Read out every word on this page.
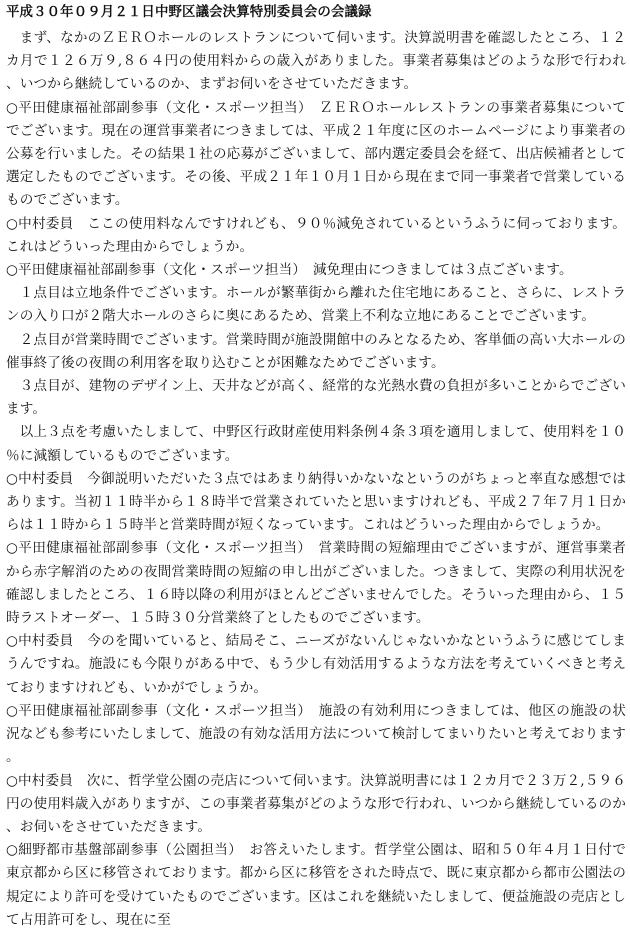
平成３０年０９月２１日中野区議会決算特別委員会の会議録

まず、なかのＺＥＲＯホールのレストランについて伺います。決算説明書を確認したところ、１２カ月で１２６万９,８６４円の使用料からの歳入がありました。事業者募集はどのような形で行われ、いつから継続しているのか、まずお伺いをさせていただきます。

○平田健康福祉部副参事（文化・スポーツ担当）　ＺＥＲＯホールレストランの事業者募集についてでございます。現在の運営事業者につきましては、平成２１年度に区のホームページにより事業者の公募を行いました。その結果１社の応募がございまして、部内選定委員会を経て、出店候補者として選定したものでございます。その後、平成２１年１０月１日から現在まで同一事業者で営業しているものでございます。

○中村委員　ここの使用料なんですけれども、９０％減免されているというふうに伺っております。これはどういった理由からでしょうか。

○平田健康福祉部副参事（文化・スポーツ担当）　減免理由につきましては３点ございます。

１点目は立地条件でございます。ホールが繁華街から離れた住宅地にあること、さらに、レストランの入り口が２階大ホールのさらに奥にあるため、営業上不利な立地にあることでございます。

２点目が営業時間でございます。営業時間が施設開館中のみとなるため、客単価の高い大ホールの催事終了後の夜間の利用客を取り込むことが困難なためでございます。

３点目が、建物のデザイン上、天井などが高く、経常的な光熱水費の負担が多いことからでございます。

以上３点を考慮いたしまして、中野区行政財産使用料条例４条３項を適用しまして、使用料を１０％に減額しているものでございます。

○中村委員　今御説明いただいた３点ではあまり納得いかないなというのがちょっと率直な感想ではあります。当初１１時半から１８時半で営業されていたと思いますけれども、平成２７年７月１日からは１１時から１５時半と営業時間が短くなっています。これはどういった理由からでしょうか。

○平田健康福祉部副参事（文化・スポーツ担当）　営業時間の短縮理由でございますが、運営事業者から赤字解消のための夜間営業時間の短縮の申し出がございました。つきまして、実際の利用状況を確認しましたところ、１６時以降の利用がほとんどございませんでした。そういった理由から、１５時ラストオーダー、１５時３０分営業終了としたものでございます。

○中村委員　今のを聞いていると、結局そこ、ニーズがないんじゃないかなというふうに感じてしまうんですね。施設にも今限りがある中で、もう少し有効活用するような方法を考えていくべきと考えておりますけれども、いかがでしょうか。

○平田健康福祉部副参事（文化・スポーツ担当）　施設の有効利用につきましては、他区の施設の状況なども参考にいたしまして、施設の有効な活用方法について検討してまいりたいと考えております。

○中村委員　次に、哲学堂公園の売店について伺います。決算説明書には１２カ月で２３万２,５９６円の使用料歳入がありますが、この事業者募集がどのような形で行われ、いつから継続しているのか、お伺いをさせていただきます。

○細野都市基盤部副参事（公園担当）　お答えいたします。哲学堂公園は、昭和５０年４月１日付で東京都から区に移管されております。都から区に移管をされた時点で、既に東京都から都市公園法の規定により許可を受けていたものでございます。区はこれを継続いたしまして、便益施設の売店として占用許可をし、現在に至
